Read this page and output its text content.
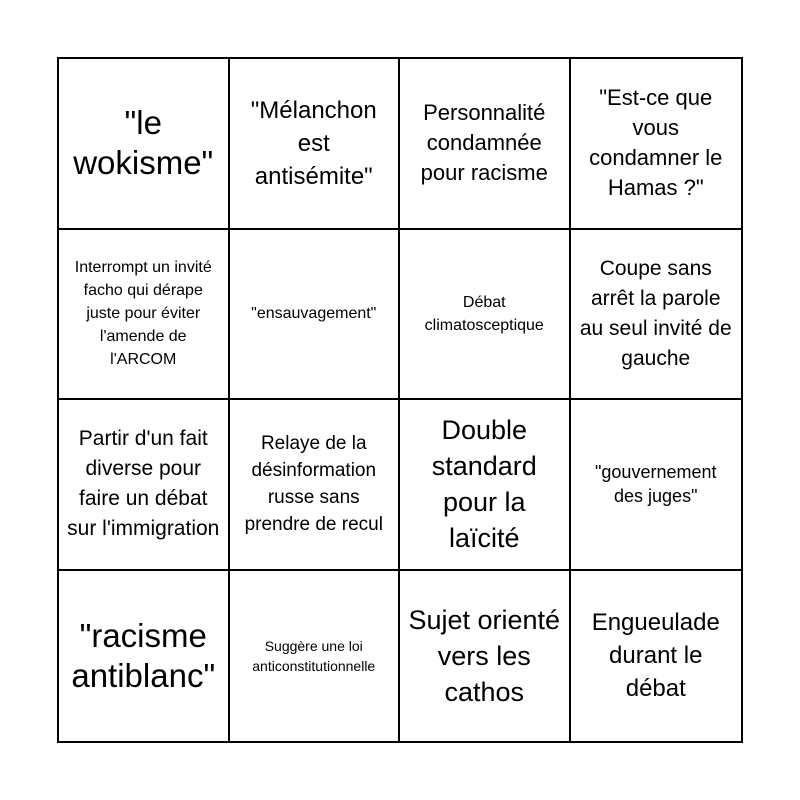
"le wokisme"
"Mélanchon est antisémite"
Personnalité condamnée pour racisme
"Est-ce que vous condamner le Hamas ?"
Interrompt un invité facho qui dérape juste pour éviter l'amende de l'ARCOM
"ensauvagement"
Débat climatosceptique
Coupe sans arrêt la parole au seul invité de gauche
Partir d'un fait diverse pour faire un débat sur l'immigration
Relaye de la désinformation russe sans prendre de recul
Double standard pour la laïcité
"gouvernement des juges"
"racisme antiblanc"
Suggère une loi anticonstitutionnelle
Sujet orienté vers les cathos
Engueulade durant le débat
